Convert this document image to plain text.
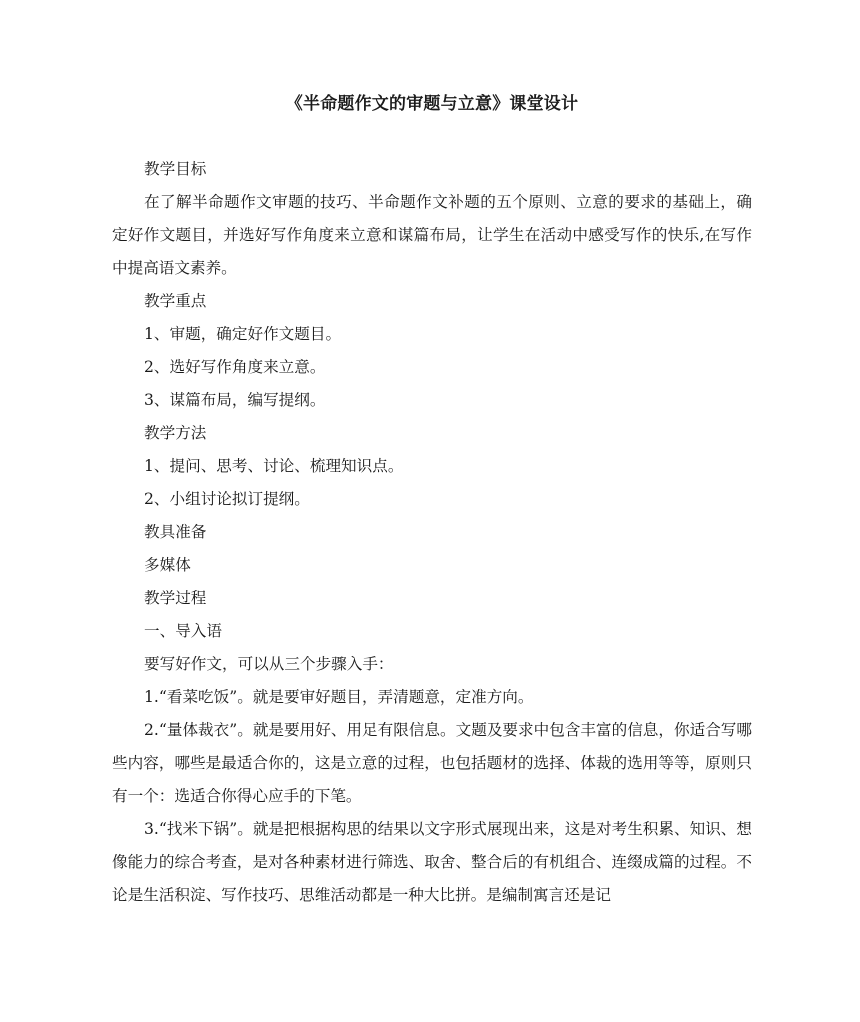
《半命题作文的审题与立意》课堂设计

教学目标

在了解半命题作文审题的技巧、半命题作文补题的五个原则、立意的要求的基础上，确定好作文题目，并选好写作角度来立意和谋篇布局，让学生在活动中感受写作的快乐,在写作中提高语文素养。

教学重点

1、审题，确定好作文题目。

2、选好写作角度来立意。

3、谋篇布局，编写提纲。

教学方法

1、提问、思考、讨论、梳理知识点。

2、小组讨论拟订提纲。

教具准备

多媒体

教学过程

一、导入语

要写好作文，可以从三个步骤入手：

1.“看菜吃饭”。就是要审好题目，弄清题意，定准方向。

2.“量体裁衣”。就是要用好、用足有限信息。文题及要求中包含丰富的信息，你适合写哪些内容，哪些是最适合你的，这是立意的过程，也包括题材的选择、体裁的选用等等，原则只有一个：选适合你得心应手的下笔。

3.“找米下锅”。就是把根据构思的结果以文字形式展现出来，这是对考生积累、知识、想像能力的综合考查，是对各种素材进行筛选、取舍、整合后的有机组合、连缀成篇的过程。不论是生活积淀、写作技巧、思维活动都是一种大比拼。是编制寓言还是记
